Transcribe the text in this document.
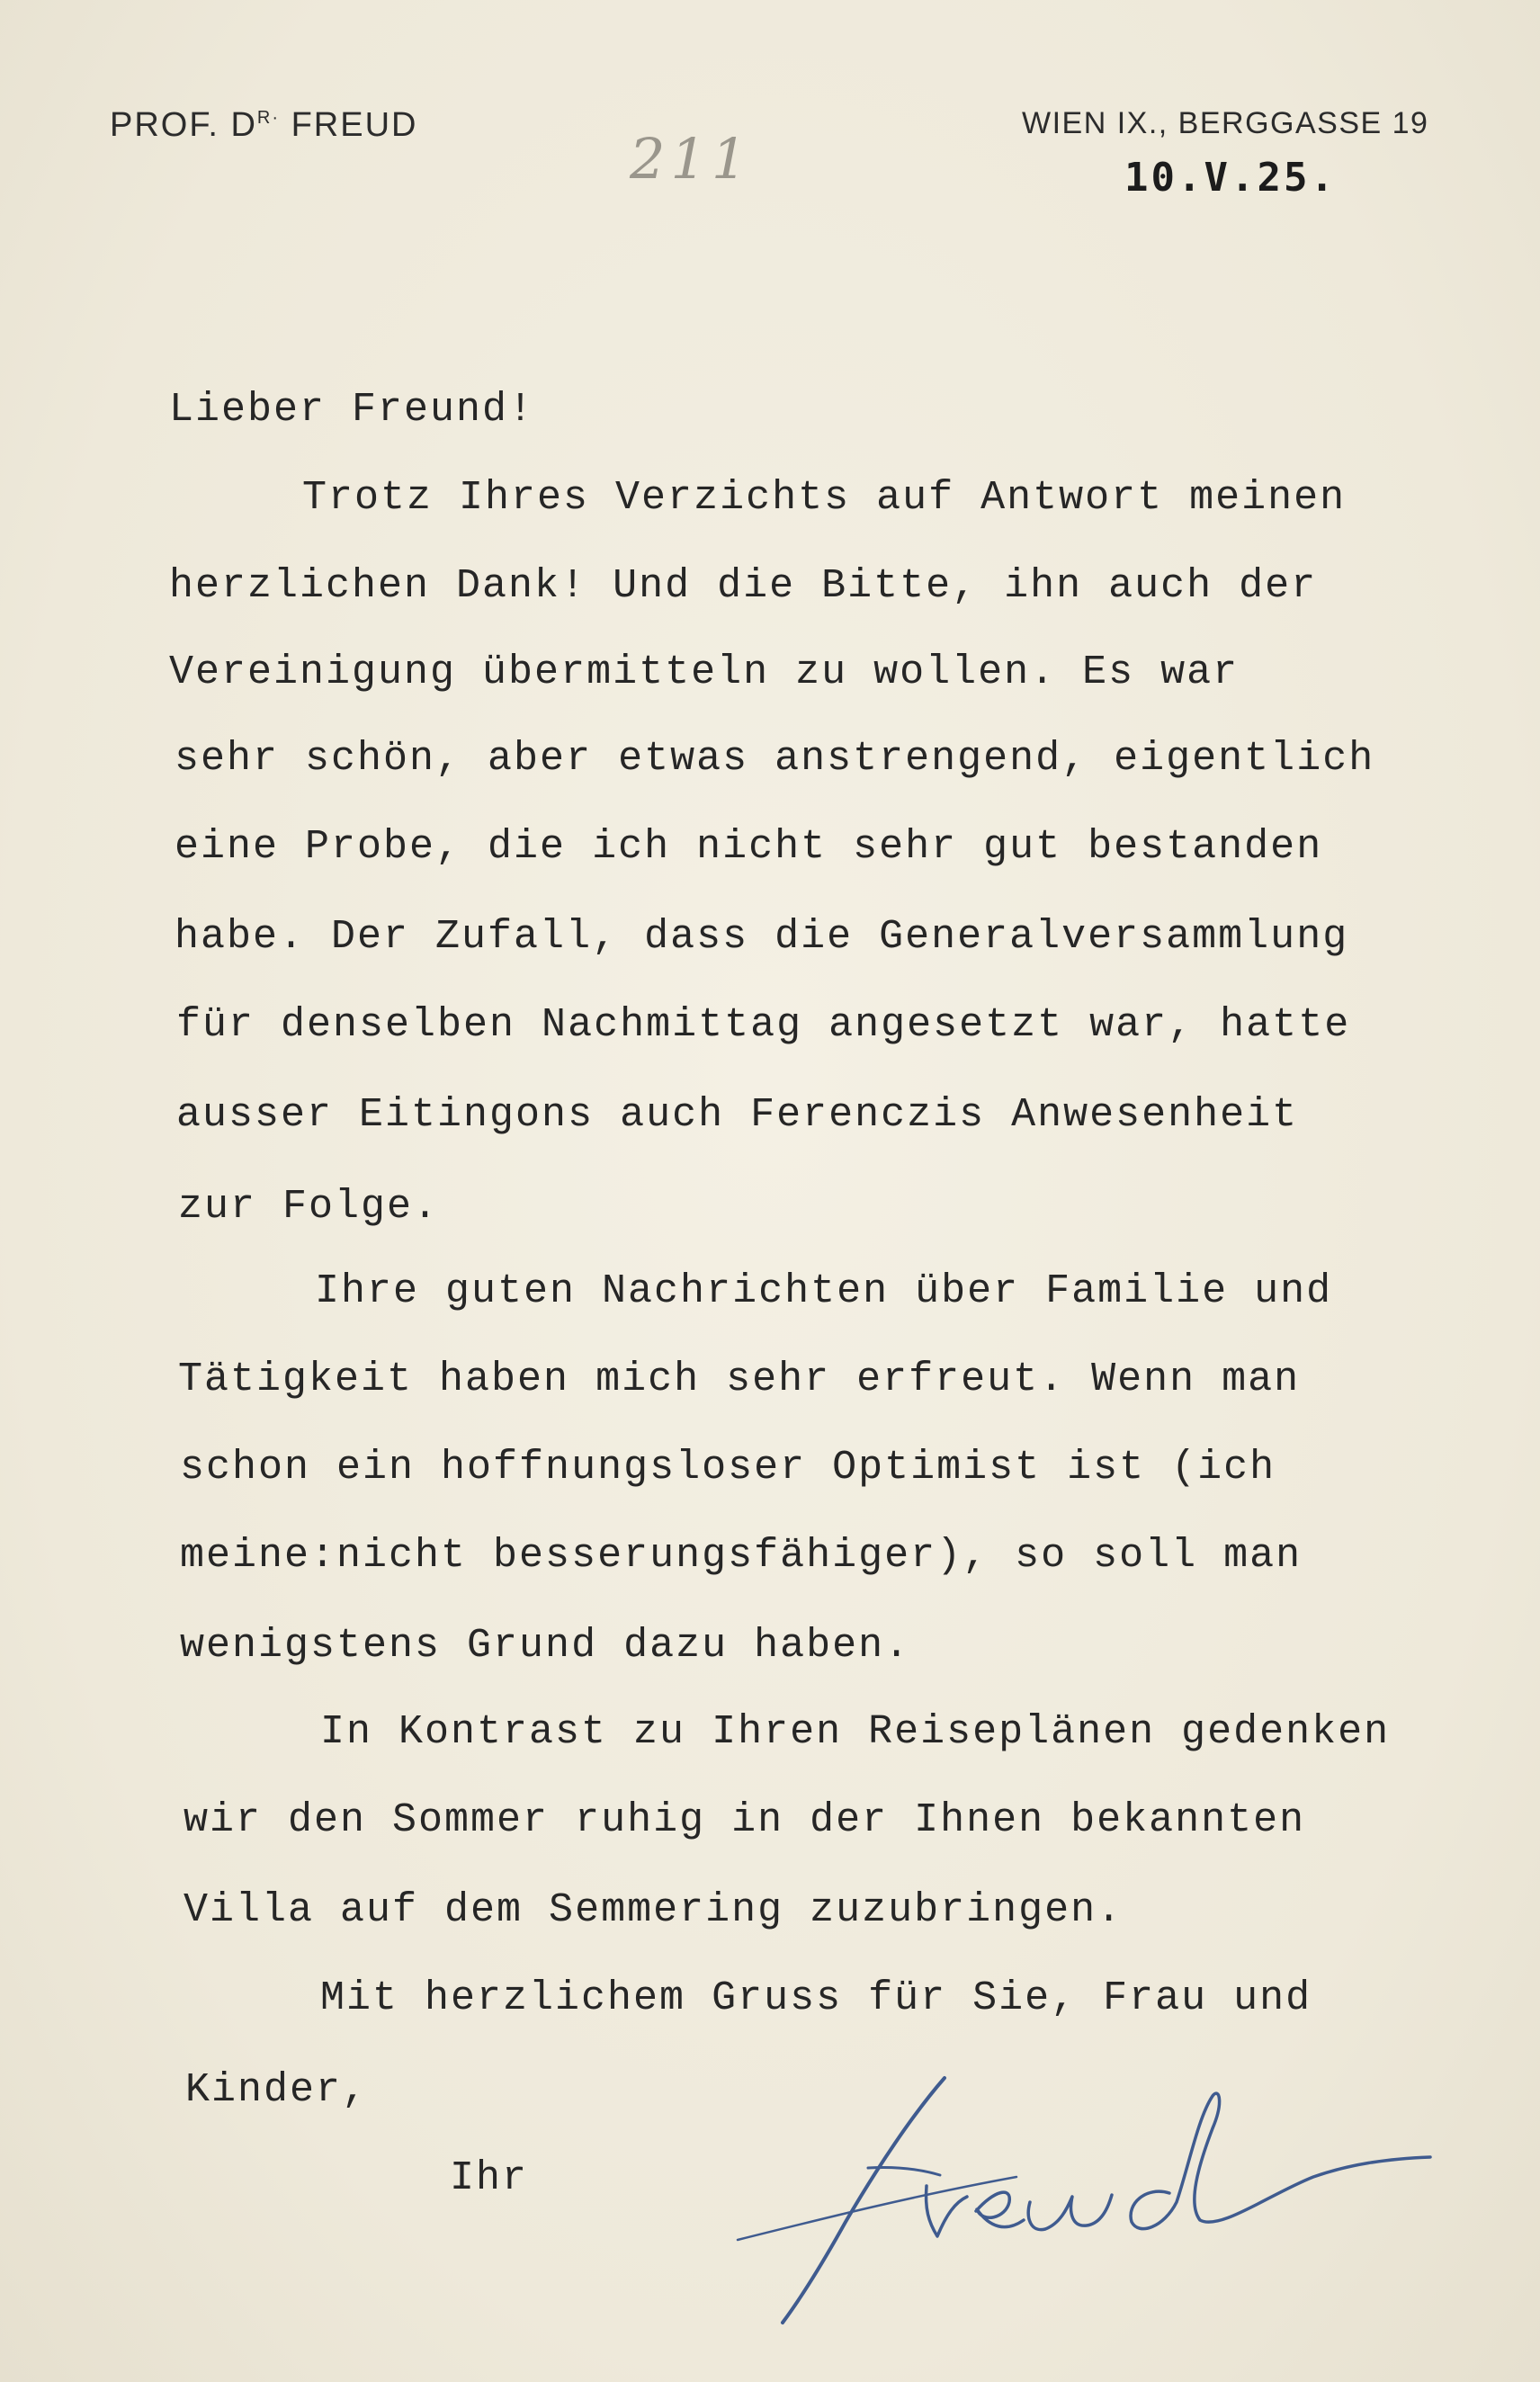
PROF. $D^{R\cdot}$ FREUD	WIEN IX., BERGGASSE 19
211	10.V.25.
Lieber Freund!
Trotz Ihres Verzichts auf Antwort meinen
herzlichen Dank! Und die Bitte, ihn auch der
Vereinigung übermitteln zu wollen. Es war
sehr schön, aber etwas anstrengend, eigentlich
eine Probe, die ich nicht sehr gut bestanden
habe. Der Zufall, dass die Generalversammlung
für denselben Nachmittag angesetzt war, hatte
ausser Eitingons auch Ferenczis Anwesenheit
zur Folge.
Ihre guten Nachrichten über Familie und
Tätigkeit haben mich sehr erfreut. Wenn man
schon ein hoffnungsloser Optimist ist (ich
meine:nicht besserungsfähiger), so soll man
wenigstens Grund dazu haben.
In Kontrast zu Ihren Reiseplänen gedenken
wir den Sommer ruhig in der Ihnen bekannten
Villa auf dem Semmering zuzubringen.
Mit herzlichem Gruss für Sie, Frau und
Kinder,
Ihr
